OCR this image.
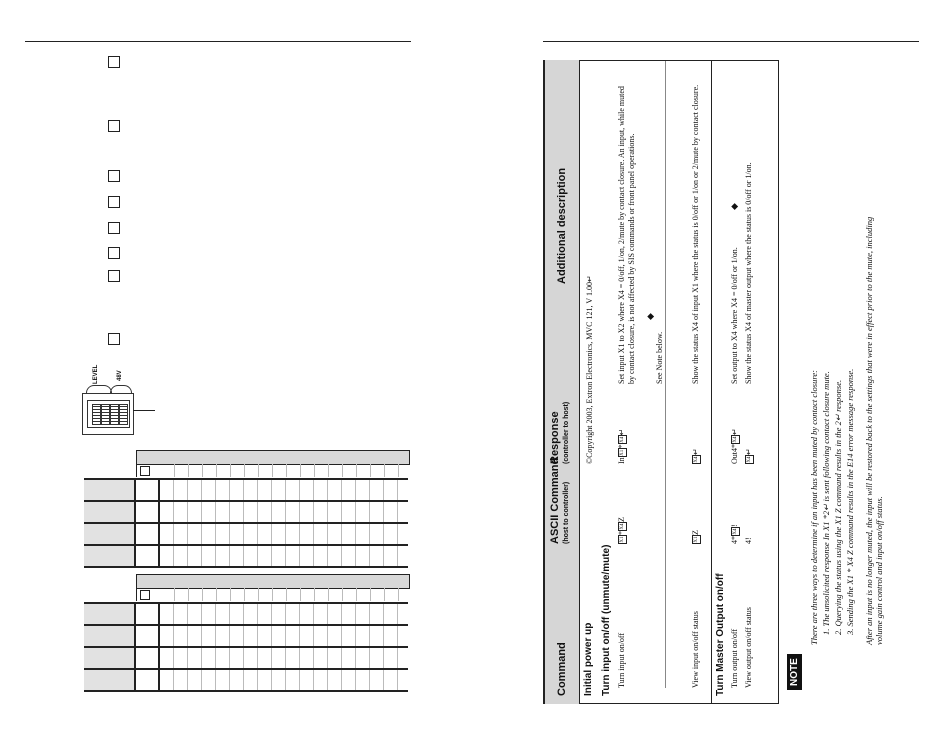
LEVEL	48V
Command
ASCII Command (host to controller)
Response (controller to host)
Additional description
Initial power up
©Copyright 2003, Extron Electronics, MVC 121, V 1.00↵
Turn input on/off (unmute/mute) Turn input on/off
X1*X4Z
InX1*X4↵
Set input X1 to X2 where X4 = 0/off, 1/on, 2/mute by contact closure. An input, while muted by contact closure, is not affected by SIS commands or front panel operations. See Note below.
◆
View input on/off status
X1Z
X4↵
Show the status X4 of input X1 where the status is 0/off or 1/on or 2/mute by contact closure.
Turn Master Output on/off Turn output on/off
4*X4!
Out4*X4↵
Set output to X4 where X4 = 0/off or 1/on.
◆
View output on/off status
4!
X4↵
Show the status X4 of master output where the status is 0/off or 1/on.
NOTE
There are three ways to determine if an input has been muted by contact closure: 1. The unsolicited response In X1 *2↵ is sent following contact closure mute. 2. Querying the status using the X1 Z command results in the 2↵ response. 3. Sending the X1 * X4 Z command results in the E14 error message response. After an input is no longer muted, the input will be restored back to the settings that were in effect prior to the mute, including volume gain control and input on/off status.
